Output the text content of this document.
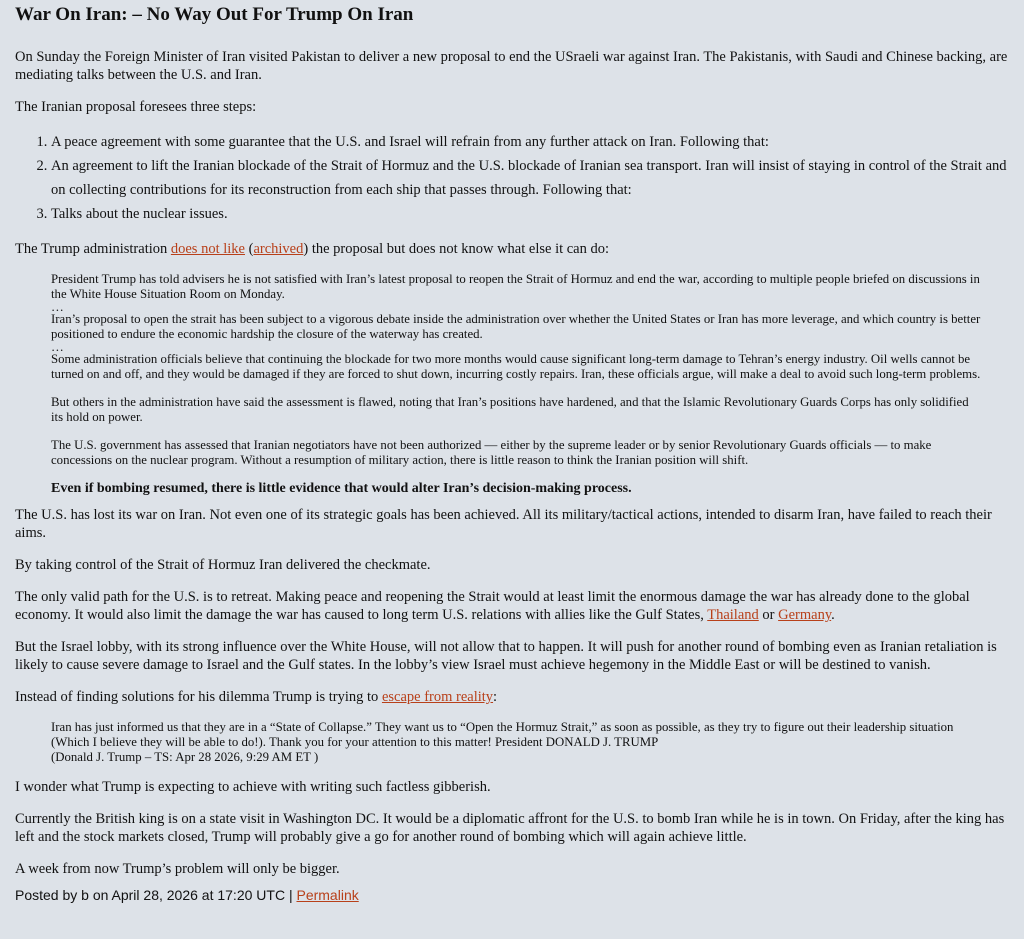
War On Iran: – No Way Out For Trump On Iran

On Sunday the Foreign Minister of Iran visited Pakistan to deliver a new proposal to end the USraeli war against Iran. The Pakistanis, with Saudi and Chinese backing, are mediating talks between the U.S. and Iran.

The Iranian proposal foresees three steps:

1. A peace agreement with some guarantee that the U.S. and Israel will refrain from any further attack on Iran. Following that:
2. An agreement to lift the Iranian blockade of the Strait of Hormuz and the U.S. blockade of Iranian sea transport. Iran will insist of staying in control of the Strait and on collecting contributions for its reconstruction from each ship that passes through. Following that:
3. Talks about the nuclear issues.

The Trump administration does not like (archived) the proposal but does not know what else it can do:

President Trump has told advisers he is not satisfied with Iran’s latest proposal to reopen the Strait of Hormuz and end the war, according to multiple people briefed on discussions in the White House Situation Room on Monday.

…

Iran’s proposal to open the strait has been subject to a vigorous debate inside the administration over whether the United States or Iran has more leverage, and which country is better positioned to endure the economic hardship the closure of the waterway has created.

…

Some administration officials believe that continuing the blockade for two more months would cause significant long-term damage to Tehran’s energy industry. Oil wells cannot be turned on and off, and they would be damaged if they are forced to shut down, incurring costly repairs. Iran, these officials argue, will make a deal to avoid such long-term problems.

But others in the administration have said the assessment is flawed, noting that Iran’s positions have hardened, and that the Islamic Revolutionary Guards Corps has only solidified its hold on power.

The U.S. government has assessed that Iranian negotiators have not been authorized — either by the supreme leader or by senior Revolutionary Guards officials — to make concessions on the nuclear program. Without a resumption of military action, there is little reason to think the Iranian position will shift.

Even if bombing resumed, there is little evidence that would alter Iran’s decision-making process.

The U.S. has lost its war on Iran. Not even one of its strategic goals has been achieved. All its military/tactical actions, intended to disarm Iran, have failed to reach their aims.

By taking control of the Strait of Hormuz Iran delivered the checkmate.

The only valid path for the U.S. is to retreat. Making peace and reopening the Strait would at least limit the enormous damage the war has already done to the global economy. It would also limit the damage the war has caused to long term U.S. relations with allies like the Gulf States, Thailand or Germany.

But the Israel lobby, with its strong influence over the White House, will not allow that to happen. It will push for another round of bombing even as Iranian retaliation is likely to cause severe damage to Israel and the Gulf states. In the lobby’s view Israel must achieve hegemony in the Middle East or will be destined to vanish.

Instead of finding solutions for his dilemma Trump is trying to escape from reality:

Iran has just informed us that they are in a “State of Collapse.” They want us to “Open the Hormuz Strait,” as soon as possible, as they try to figure out their leadership situation (Which I believe they will be able to do!). Thank you for your attention to this matter! President DONALD J. TRUMP

(Donald J. Trump – TS: Apr 28 2026, 9:29 AM ET )

I wonder what Trump is expecting to achieve with writing such factless gibberish.

Currently the British king is on a state visit in Washington DC. It would be a diplomatic affront for the U.S. to bomb Iran while he is in town. On Friday, after the king has left and the stock markets closed, Trump will probably give a go for another round of bombing which will again achieve little.

A week from now Trump’s problem will only be bigger.

Posted by b on April 28, 2026 at 17:20 UTC | Permalink
